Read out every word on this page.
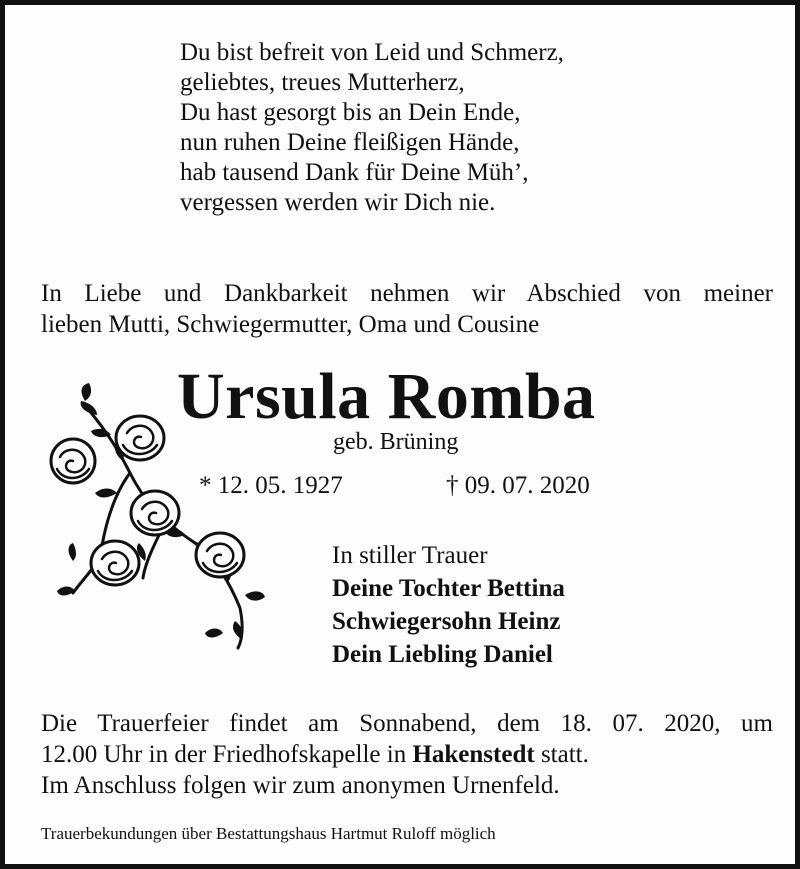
Du bist befreit von Leid und Schmerz,
geliebtes, treues Mutterherz,
Du hast gesorgt bis an Dein Ende,
nun ruhen Deine fleißigen Hände,
hab tausend Dank für Deine Müh’,
vergessen werden wir Dich nie.
In Liebe und Dankbarkeit nehmen wir Abschied von meiner
lieben Mutti, Schwiegermutter, Oma und Cousine
Ursula Romba
geb. Brüning
* 12. 05. 1927	† 09. 07. 2020
In stiller Trauer
Deine Tochter Bettina
Schwiegersohn Heinz
Dein Liebling Daniel
Die Trauerfeier findet am Sonnabend, dem 18. 07. 2020, um
12.00 Uhr in der Friedhofskapelle in Hakenstedt statt.
Im Anschluss folgen wir zum anonymen Urnenfeld.
Trauerbekundungen über Bestattungshaus Hartmut Ruloff möglich
